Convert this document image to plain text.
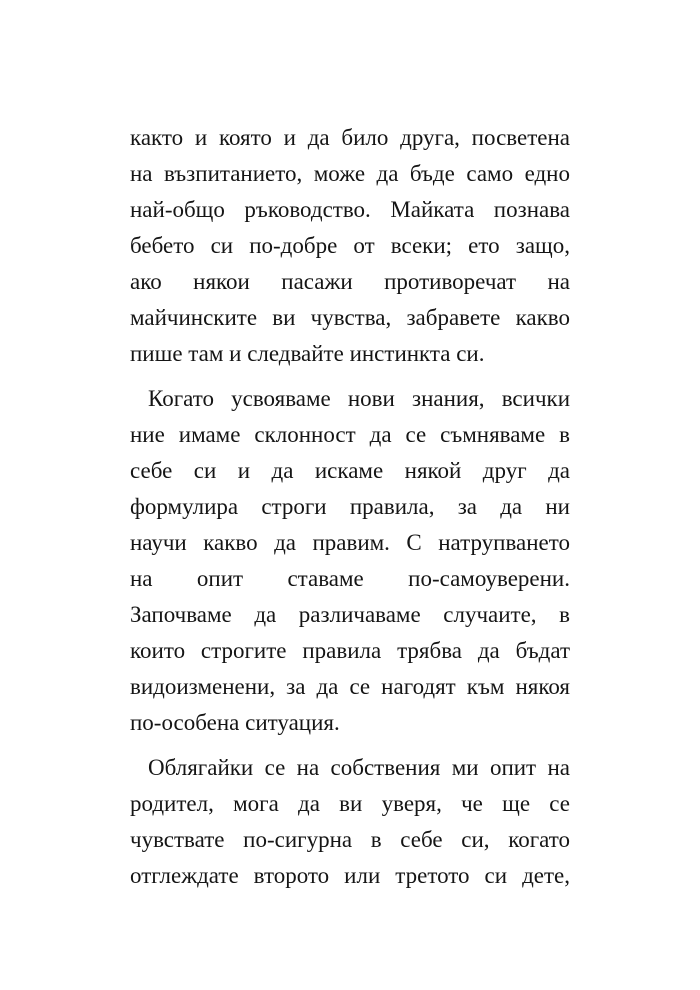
както и която и да било друга, посветена
на възпитанието, може да бъде само едно
най-общо ръководство. Майката познава
бебето си по-добре от всеки; ето защо,
ако някои пасажи противоречат на
майчинските ви чувства, забравете какво
пише там и следвайте инстинкта си.
Когато усвояваме нови знания, всички
ние имаме склонност да се съмняваме в
себе си и да искаме някой друг да
формулира строги правила, за да ни
научи какво да правим. С натрупването
на опит ставаме по-самоуверени.
Започваме да различаваме случаите, в
които строгите правила трябва да бъдат
видоизменени, за да се нагодят към някоя
по-особена ситуация.
Облягайки се на собствения ми опит на
родител, мога да ви уверя, че ще се
чувствате по-сигурна в себе си, когато
отглеждате второто или третото си дете,
